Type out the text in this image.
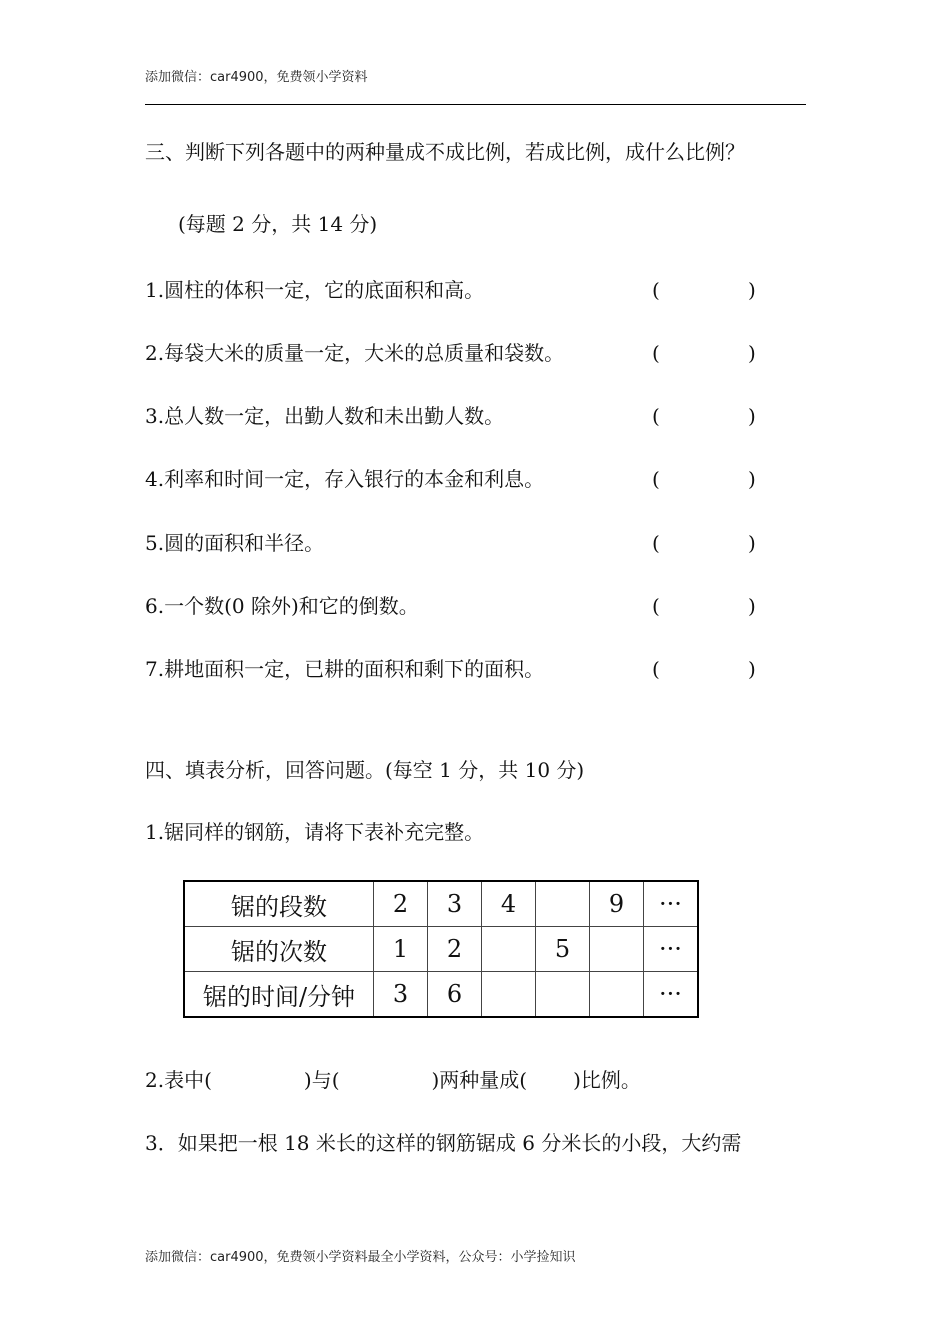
添加微信：car4900，免费领小学资料
三、判断下列各题中的两种量成不成比例，若成比例，成什么比例？
(每题 2 分，共 14 分)
1.圆柱的体积一定，它的底面积和高。	(	)
2.每袋大米的质量一定，大米的总质量和袋数。	(	)
3.总人数一定，出勤人数和未出勤人数。	(	)
4.利率和时间一定，存入银行的本金和利息。	(	)
5.圆的面积和半径。	(	)
6.一个数(0 除外)和它的倒数。	(	)
7.耕地面积一定，已耕的面积和剩下的面积。	(	)
四、填表分析，回答问题。(每空 1 分，共 10 分)
1.锯同样的钢筋，请将下表补充完整。
锯的段数	2	3	4		9	···
锯的次数	1	2		5		···
锯的时间/分钟	3	6				···
2.表中(	)与(	)两种量成( )比例。
3．如果把一根 18 米长的这样的钢筋锯成 6 分米长的小段，大约需
添加微信：car4900，免费领小学资料最全小学资料，公众号：小学捡知识
